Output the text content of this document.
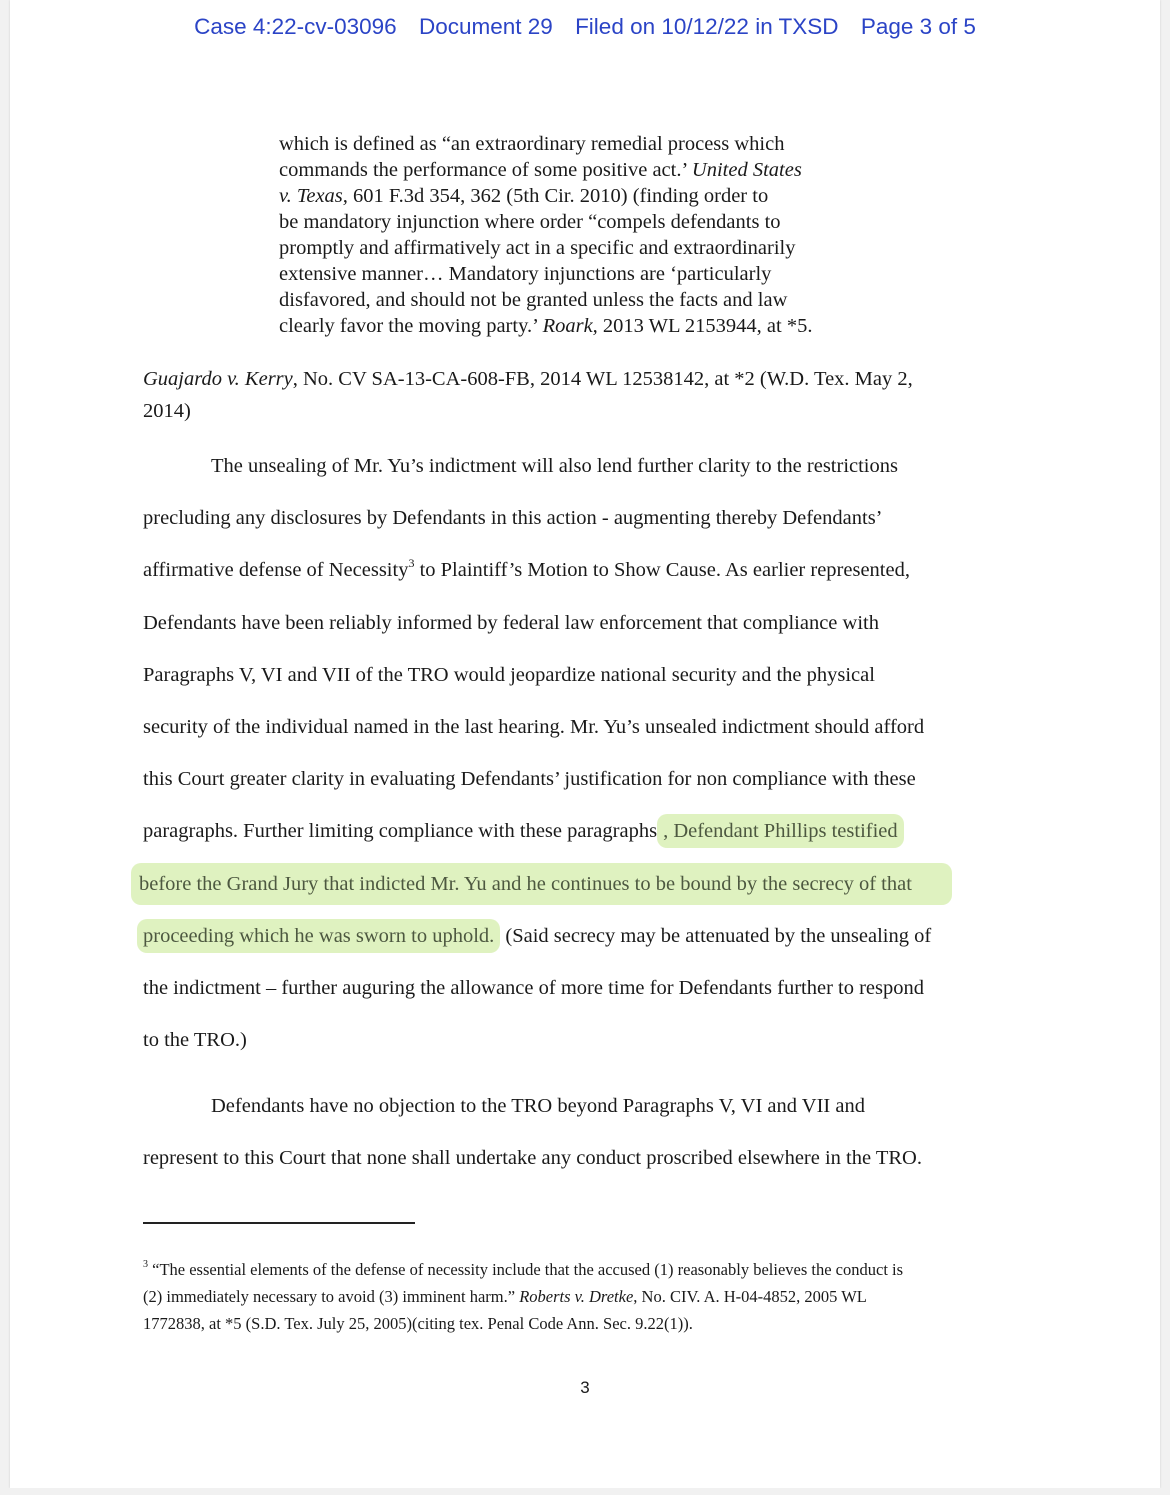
Case 4:22-cv-03096 Document 29 Filed on 10/12/22 in TXSD Page 3 of 5
which is defined as “an extraordinary remedial process which
commands the performance of some positive act.’ United States
v. Texas, 601 F.3d 354, 362 (5th Cir. 2010) (finding order to
be mandatory injunction where order “compels defendants to
promptly and affirmatively act in a specific and extraordinarily
extensive manner… Mandatory injunctions are ‘particularly
disfavored, and should not be granted unless the facts and law
clearly favor the moving party.’ Roark, 2013 WL 2153944, at *5.
Guajardo v. Kerry, No. CV SA-13-CA-608-FB, 2014 WL 12538142, at *2 (W.D. Tex. May 2,
2014)
The unsealing of Mr. Yu’s indictment will also lend further clarity to the restrictions
precluding any disclosures by Defendants in this action - augmenting thereby Defendants’
affirmative defense of Necessity$^3$ to Plaintiff’s Motion to Show Cause. As earlier represented,
Defendants have been reliably informed by federal law enforcement that compliance with
Paragraphs V, VI and VII of the TRO would jeopardize national security and the physical
security of the individual named in the last hearing. Mr. Yu’s unsealed indictment should afford
this Court greater clarity in evaluating Defendants’ justification for non compliance with these
paragraphs. Further limiting compliance with these paragraphs , Defendant Phillips testified
before the Grand Jury that indicted Mr. Yu and he continues to be bound by the secrecy of that
proceeding which he was sworn to uphold. (Said secrecy may be attenuated by the unsealing of
the indictment – further auguring the allowance of more time for Defendants further to respond
to the TRO.)
Defendants have no objection to the TRO beyond Paragraphs V, VI and VII and
represent to this Court that none shall undertake any conduct proscribed elsewhere in the TRO.
$^3$ “The essential elements of the defense of necessity include that the accused (1) reasonably believes the conduct is
(2) immediately necessary to avoid (3) imminent harm.” Roberts v. Dretke, No. CIV. A. H-04-4852, 2005 WL
1772838, at *5 (S.D. Tex. July 25, 2005)(citing tex. Penal Code Ann. Sec. 9.22(1)).
3
